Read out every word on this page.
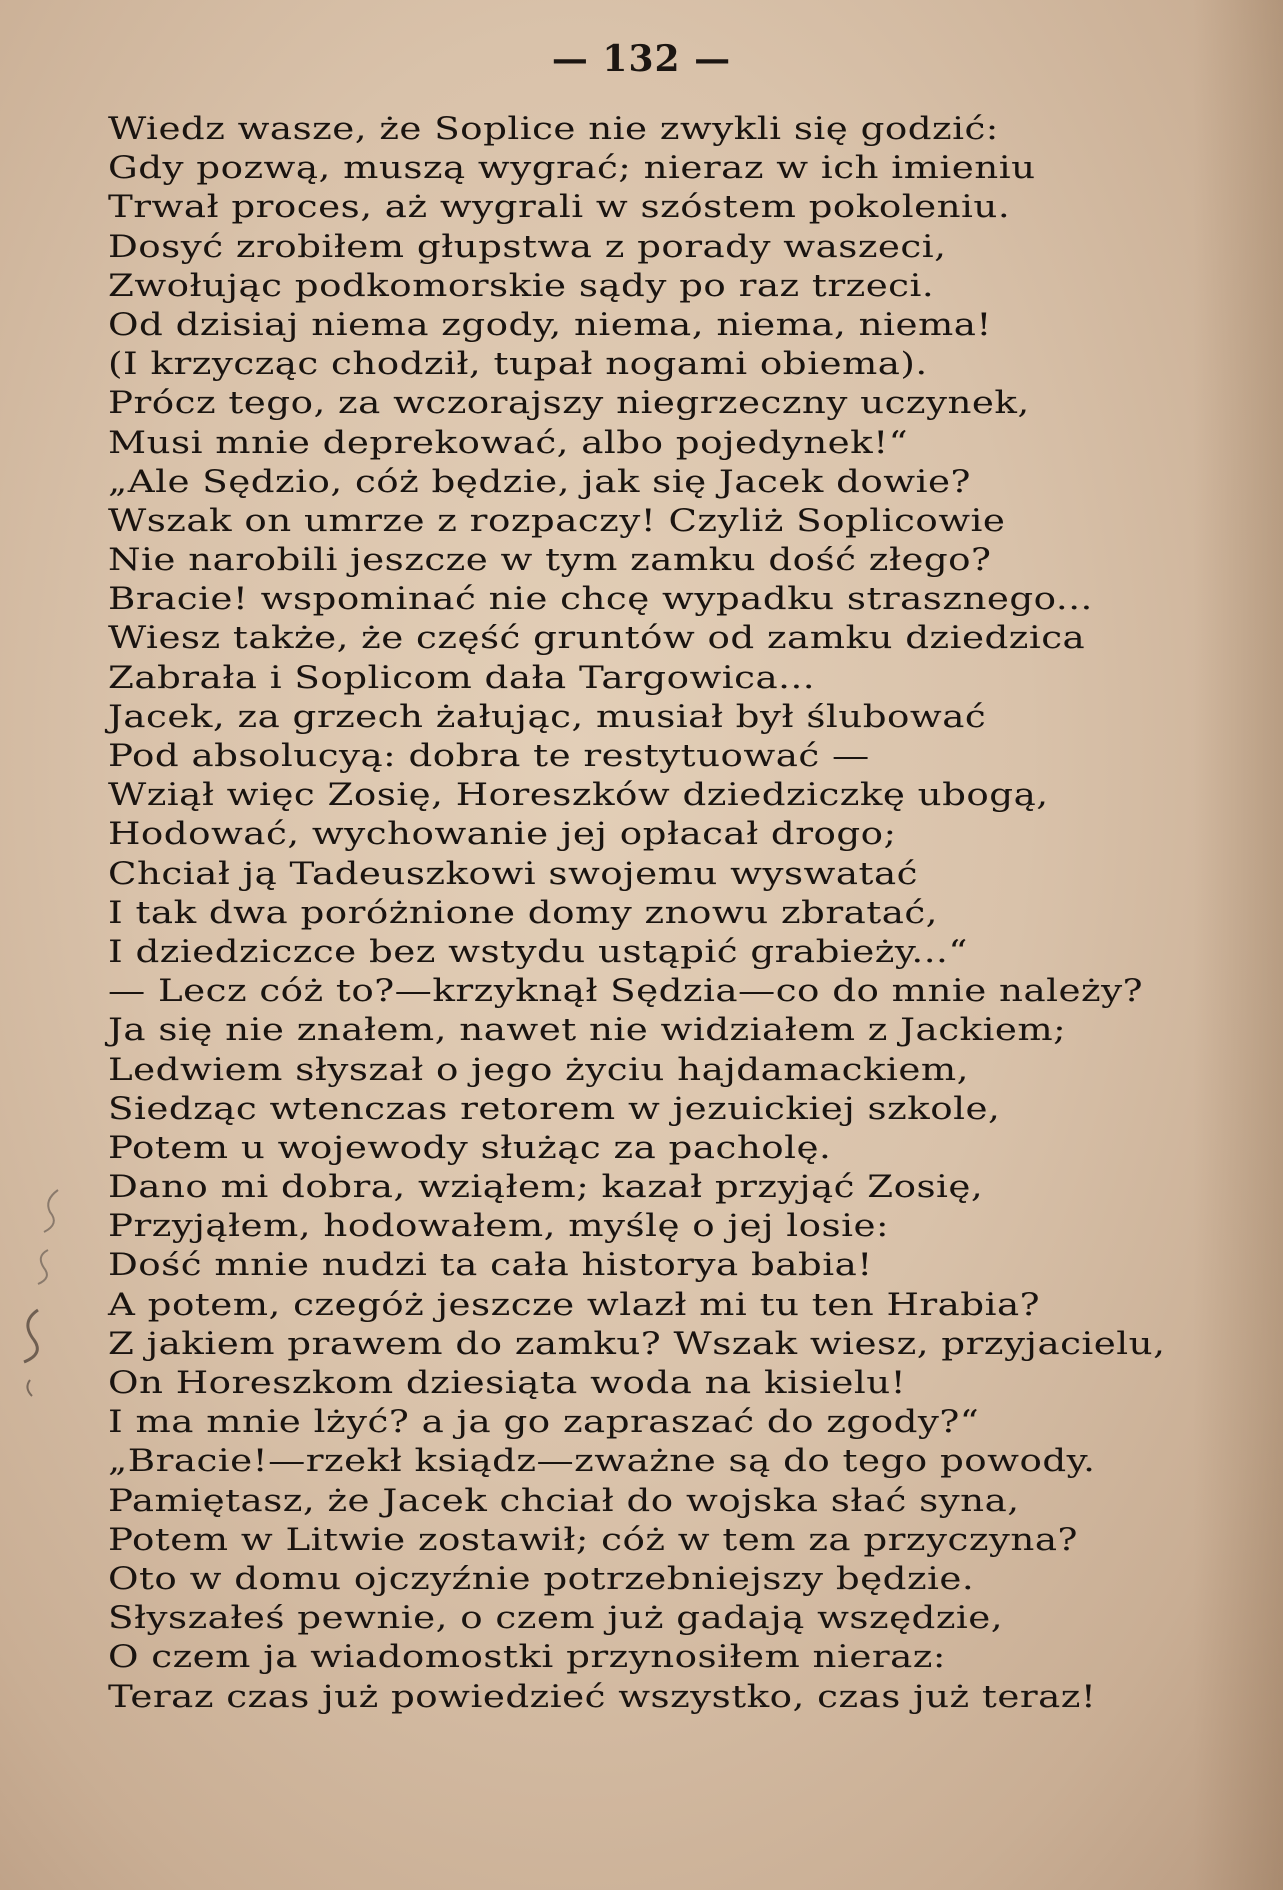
— 132 —
Wiedz wasze, że Soplice nie zwykli się godzić:
Gdy pozwą, muszą wygrać; nieraz w ich imieniu
Trwał proces, aż wygrali w szóstem pokoleniu.
Dosyć zrobiłem głupstwa z porady waszeci,
Zwołując podkomorskie sądy po raz trzeci.
Od dzisiaj niema zgody, niema, niema, niema!
(I krzycząc chodził, tupał nogami obiema).
Prócz tego, za wczorajszy niegrzeczny uczynek,
Musi mnie deprekować, albo pojedynek!“
„Ale Sędzio, cóż będzie, jak się Jacek dowie?
Wszak on umrze z rozpaczy! Czyliż Soplicowie
Nie narobili jeszcze w tym zamku dość złego?
Bracie! wspominać nie chcę wypadku strasznego...
Wiesz także, że część gruntów od zamku dziedzica
Zabrała i Soplicom dała Targowica...
Jacek, za grzech żałując, musiał był ślubować
Pod absolucyą: dobra te restytuować —
Wziął więc Zosię, Horeszków dziedziczkę ubogą,
Hodować, wychowanie jej opłacał drogo;
Chciał ją Tadeuszkowi swojemu wyswatać
I tak dwa poróżnione domy znowu zbratać,
I dziedziczce bez wstydu ustąpić grabieży...“
— Lecz cóż to?—krzyknął Sędzia—co do mnie należy?
Ja się nie znałem, nawet nie widziałem z Jackiem;
Ledwiem słyszał o jego życiu hajdamackiem,
Siedząc wtenczas retorem w jezuickiej szkole,
Potem u wojewody służąc za pacholę.
Dano mi dobra, wziąłem; kazał przyjąć Zosię,
Przyjąłem, hodowałem, myślę o jej losie:
Dość mnie nudzi ta cała historya babia!
A potem, czegóż jeszcze wlazł mi tu ten Hrabia?
Z jakiem prawem do zamku? Wszak wiesz, przyjacielu,
On Horeszkom dziesiąta woda na kisielu!
I ma mnie lżyć? a ja go zapraszać do zgody?“
„Bracie!—rzekł ksiądz—zważne są do tego powody.
Pamiętasz, że Jacek chciał do wojska słać syna,
Potem w Litwie zostawił; cóż w tem za przyczyna?
Oto w domu ojczyźnie potrzebniejszy będzie.
Słyszałeś pewnie, o czem już gadają wszędzie,
O czem ja wiadomostki przynosiłem nieraz:
Teraz czas już powiedzieć wszystko, czas już teraz!
